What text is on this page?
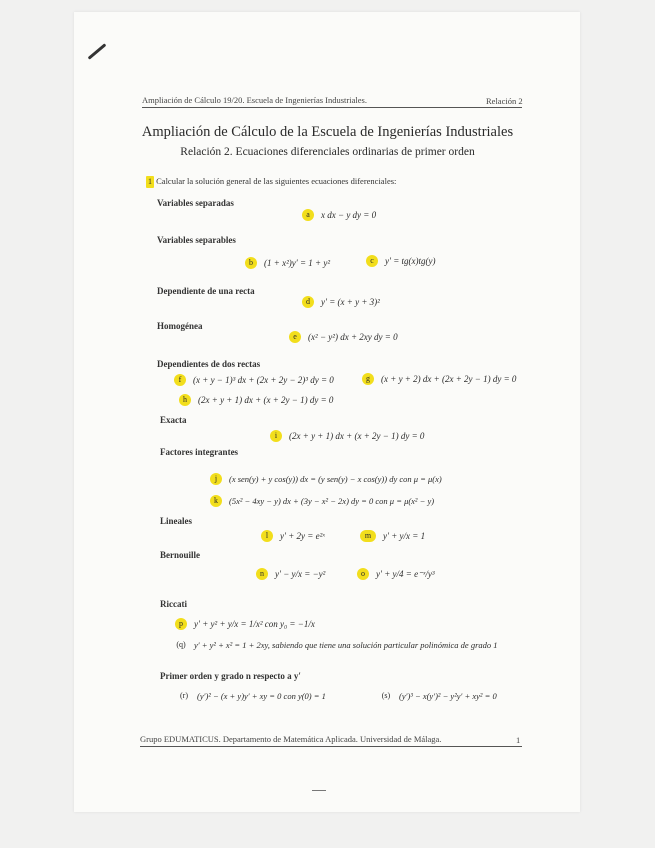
Ampliación de Cálculo 19/20. Escuela de Ingenierías Industriales.	Relación 2
Ampliación de Cálculo de la Escuela de Ingenierías Industriales
Relación 2. Ecuaciones diferenciales ordinarias de primer orden
1 Calcular la solución general de las siguientes ecuaciones diferenciales:
Variables separadas
a	x dx − y dy = 0
Variables separables
b	(1 + x²)y′ = 1 + y²	c	y′ = tg(x)tg(y)
Dependiente de una recta
d	y′ = (x + y + 3)²
Homogénea
e	(x² − y²) dx + 2xy dy = 0
Dependientes de dos rectas
f	(x + y − 1)³ dx + (2x + 2y − 2)³ dy = 0	g	(x + y + 2) dx + (2x + 2y − 1) dy = 0
h	(2x + y + 1) dx + (x + 2y − 1) dy = 0
Exacta
i	(2x + y + 1) dx + (x + 2y − 1) dy = 0
Factores integrantes
j	(x sen(y) + y cos(y)) dx = (y sen(y) − x cos(y)) dy con μ = μ(x)
k	(5x² − 4xy − y) dx + (3y − x² − 2x) dy = 0 con μ = μ(x² − y)
Lineales
l	y′ + 2y = e²ˣ	m	y′ + y/x = 1
Bernouille
n	y′ − y/x = −y²	o	y′ + y/4 = e⁻ˣ/y³
Riccati
p	y′ + y² + y/x = 1/x² con y₀ = −1/x
(q) y′ + y² + x² = 1 + 2xy, sabiendo que tiene una solución particular polinómica de grado 1
Primer orden y grado n respecto a y′
(r) (y′)² − (x + y)y′ + xy = 0 con y(0) = 1	(s) (y′)³ − x(y′)² − y²y′ + xy² = 0
Grupo EDUMATICUS. Departamento de Matemática Aplicada. Universidad de Málaga.	1
